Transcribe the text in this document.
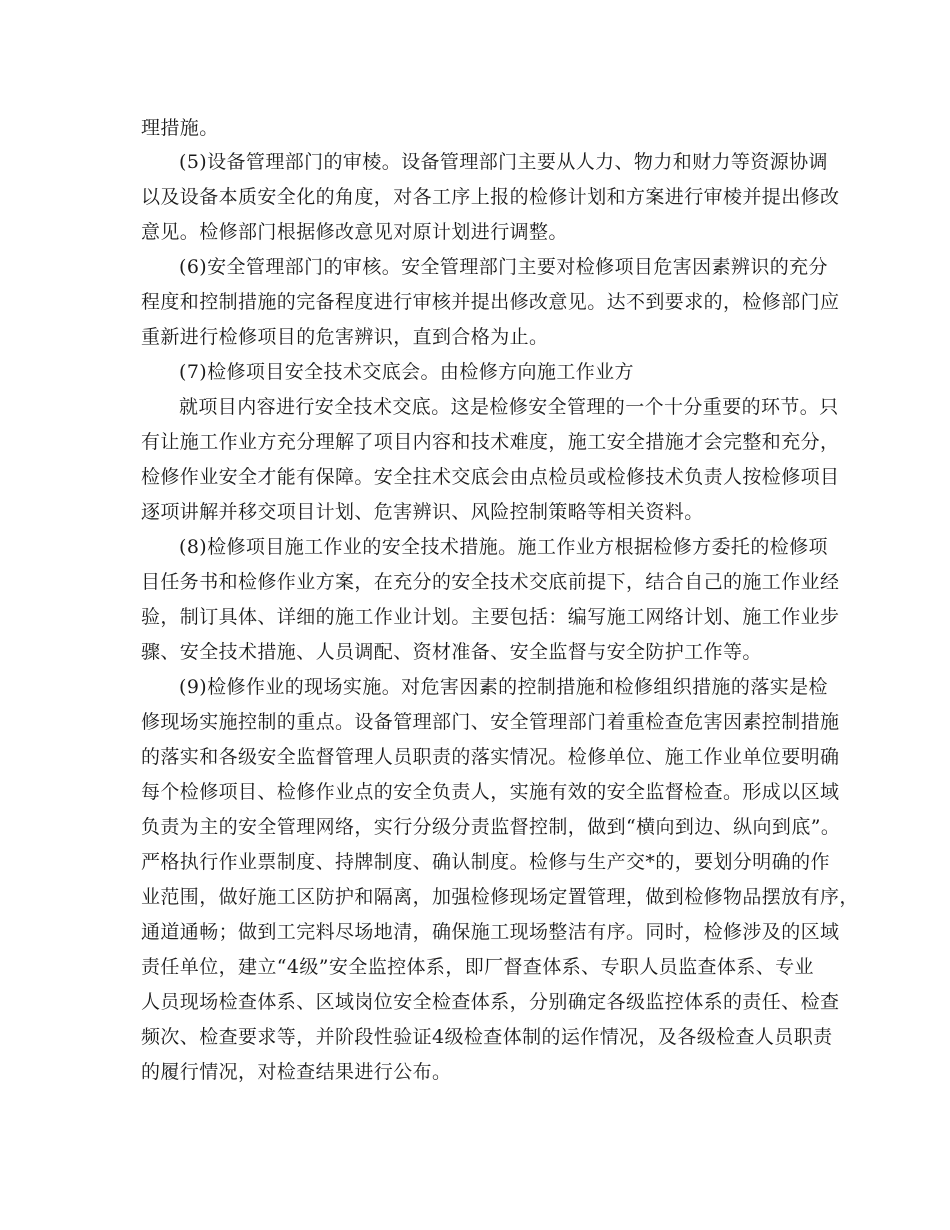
理措施。
(5)设备管理部门的审棱。设备管理部门主要从人力、物力和财力等资源协调
以及设备本质安全化的角度，对各工序上报的检修计划和方案进行审棱并提出修改
意见。检修部门根据修改意见对原计划进行调整。
(6)安全管理部门的审核。安全管理部门主要对检修项目危害因素辨识的充分
程度和控制措施的完备程度进行审核并提出修改意见。达不到要求的，检修部门应
重新进行检修项目的危害辨识，直到合格为止。
(7)检修项目安全技术交底会。由检修方向施工作业方
就项目内容进行安全技术交底。这是检修安全管理的一个十分重要的环节。只
有让施工作业方充分理解了项目内容和技术难度，施工安全措施才会完整和充分，
检修作业安全才能有保障。安全拄术交底会由点检员或检修技术负责人按检修项目
逐项讲解并移交项目计划、危害辨识、风险控制策略等相关资料。
(8)检修项目施工作业的安全技术措施。施工作业方根据检修方委托的检修项
目任务书和检修作业方案，在充分的安全技术交底前提下，结合自己的施工作业经
验，制订具体、详细的施工作业计划。主要包括：编写施工网络计划、施工作业步
骤、安全技术措施、人员调配、资材准备、安全监督与安全防护工作等。
(9)检修作业的现场实施。对危害因素的控制措施和检修组织措施的落实是检
修现场实施控制的重点。设备管理部门、安全管理部门着重检查危害因素控制措施
的落实和各级安全监督管理人员职责的落实情况。检修单位、施工作业单位要明确
每个检修项目、检修作业点的安全负责人，实施有效的安全监督检查。形成以区域
负责为主的安全管理网络，实行分级分责监督控制，做到“横向到边、纵向到底”。
严格执行作业票制度、持牌制度、确认制度。检修与生产交*的，要划分明确的作
业范围，做好施工区防护和隔离，加强检修现场定置管理，做到检修物品摆放有序，
通道通畅；做到工完料尽场地清，确保施工现场整洁有序。同时，检修涉及的区域
责任单位，建立“4级”安全监控体系，即厂督查体系、专职人员监查体系、专业
人员现场检查体系、区域岗位安全检查体系，分别确定各级监控体系的责任、检查
频次、检查要求等，并阶段性验证4级检查体制的运作情况，及各级检查人员职责
的履行情况，对检查结果进行公布。
